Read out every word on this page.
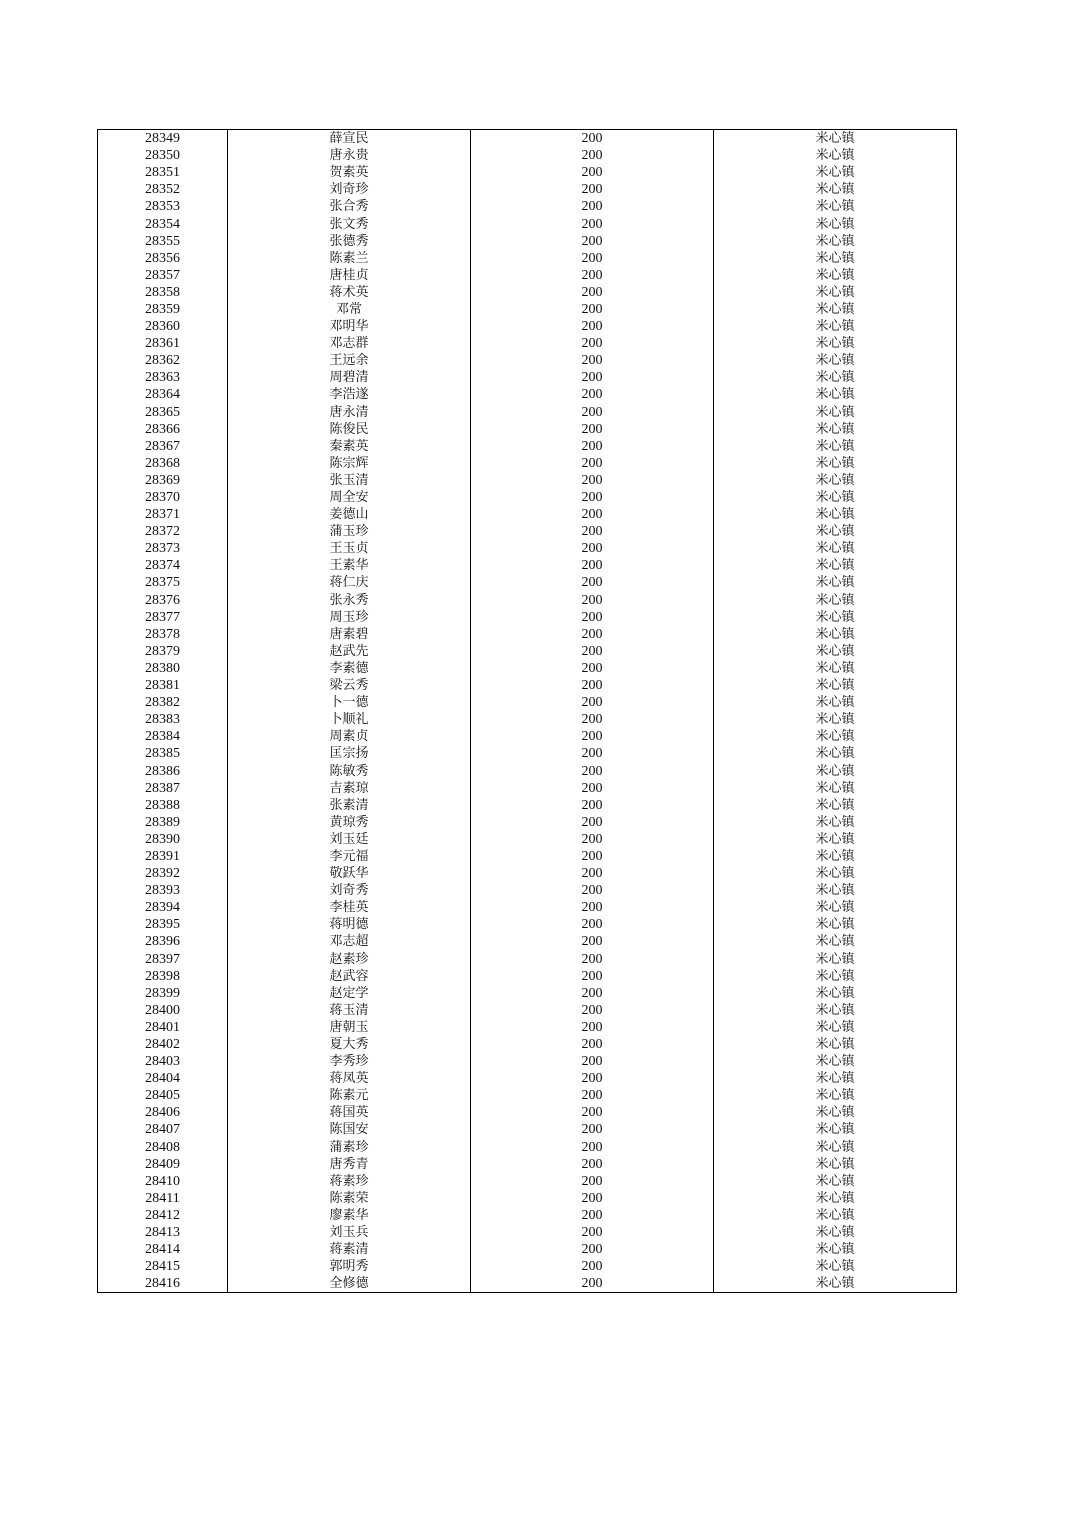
28349	薛宣民	200	米心镇
28350	唐永贵	200	米心镇
28351	贺素英	200	米心镇
28352	刘奇珍	200	米心镇
28353	张合秀	200	米心镇
28354	张文秀	200	米心镇
28355	张德秀	200	米心镇
28356	陈素兰	200	米心镇
28357	唐桂贞	200	米心镇
28358	蒋术英	200	米心镇
28359	邓常	200	米心镇
28360	邓明华	200	米心镇
28361	邓志群	200	米心镇
28362	王远余	200	米心镇
28363	周碧清	200	米心镇
28364	李浩遂	200	米心镇
28365	唐永清	200	米心镇
28366	陈俊民	200	米心镇
28367	秦素英	200	米心镇
28368	陈宗辉	200	米心镇
28369	张玉清	200	米心镇
28370	周全安	200	米心镇
28371	姜德山	200	米心镇
28372	蒲玉珍	200	米心镇
28373	王玉贞	200	米心镇
28374	王素华	200	米心镇
28375	蒋仁庆	200	米心镇
28376	张永秀	200	米心镇
28377	周玉珍	200	米心镇
28378	唐素碧	200	米心镇
28379	赵武先	200	米心镇
28380	李素德	200	米心镇
28381	梁云秀	200	米心镇
28382	卜一德	200	米心镇
28383	卜顺礼	200	米心镇
28384	周素贞	200	米心镇
28385	匡宗扬	200	米心镇
28386	陈敏秀	200	米心镇
28387	吉素琼	200	米心镇
28388	张素清	200	米心镇
28389	黄琼秀	200	米心镇
28390	刘玉廷	200	米心镇
28391	李元福	200	米心镇
28392	敬跃华	200	米心镇
28393	刘奇秀	200	米心镇
28394	李桂英	200	米心镇
28395	蒋明德	200	米心镇
28396	邓志超	200	米心镇
28397	赵素珍	200	米心镇
28398	赵武容	200	米心镇
28399	赵定学	200	米心镇
28400	蒋玉清	200	米心镇
28401	唐朝玉	200	米心镇
28402	夏大秀	200	米心镇
28403	李秀珍	200	米心镇
28404	蒋凤英	200	米心镇
28405	陈素元	200	米心镇
28406	蒋国英	200	米心镇
28407	陈国安	200	米心镇
28408	蒲素珍	200	米心镇
28409	唐秀青	200	米心镇
28410	蒋素珍	200	米心镇
28411	陈素荣	200	米心镇
28412	廖素华	200	米心镇
28413	刘玉兵	200	米心镇
28414	蒋素清	200	米心镇
28415	郭明秀	200	米心镇
28416	全修德	200	米心镇
